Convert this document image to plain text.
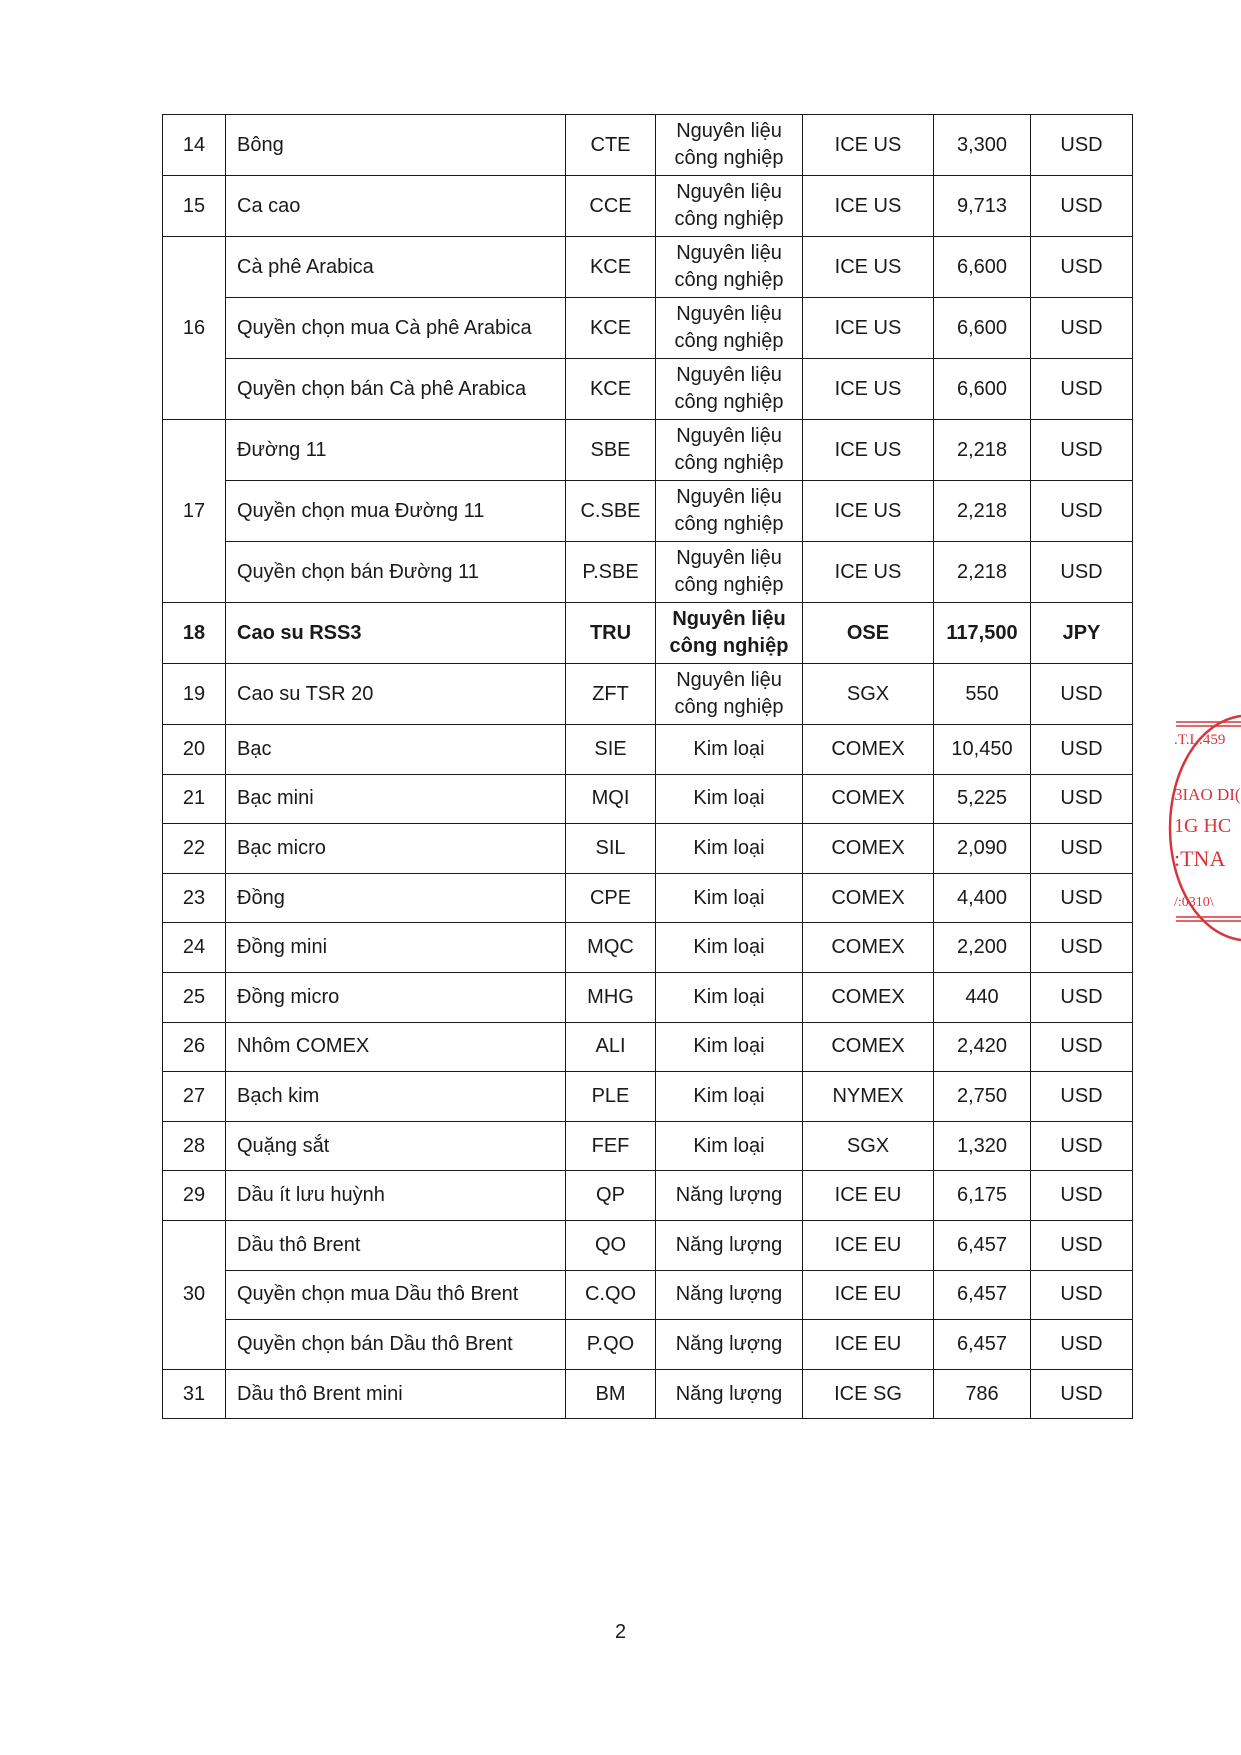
14	Bông	CTE	Nguyên liệu
công nghiệp	ICE US	3,300	USD
15	Ca cao	CCE	Nguyên liệu
công nghiệp	ICE US	9,713	USD
16	Cà phê Arabica	KCE	Nguyên liệu
công nghiệp	ICE US	6,600	USD
	Quyền chọn mua Cà phê Arabica	KCE	Nguyên liệu
công nghiệp	ICE US	6,600	USD
	Quyền chọn bán Cà phê Arabica	KCE	Nguyên liệu
công nghiệp	ICE US	6,600	USD
17	Đường 11	SBE	Nguyên liệu
công nghiệp	ICE US	2,218	USD
	Quyền chọn mua Đường 11	C.SBE	Nguyên liệu
công nghiệp	ICE US	2,218	USD
	Quyền chọn bán Đường 11	P.SBE	Nguyên liệu
công nghiệp	ICE US	2,218	USD
18	Cao su RSS3	TRU	Nguyên liệu
công nghiệp	OSE	117,500	JPY
19	Cao su TSR 20	ZFT	Nguyên liệu
công nghiệp	SGX	550	USD
20	Bạc	SIE	Kim loại	COMEX	10,450	USD
21	Bạc mini	MQI	Kim loại	COMEX	5,225	USD
22	Bạc micro	SIL	Kim loại	COMEX	2,090	USD
23	Đồng	CPE	Kim loại	COMEX	4,400	USD
24	Đồng mini	MQC	Kim loại	COMEX	2,200	USD
25	Đồng micro	MHG	Kim loại	COMEX	440	USD
26	Nhôm COMEX	ALI	Kim loại	COMEX	2,420	USD
27	Bạch kim	PLE	Kim loại	NYMEX	2,750	USD
28	Quặng sắt	FEF	Kim loại	SGX	1,320	USD
29	Dầu ít lưu huỳnh	QP	Năng lượng	ICE EU	6,175	USD
30	Dầu thô Brent	QO	Năng lượng	ICE EU	6,457	USD
	Quyền chọn mua Dầu thô Brent	C.QO	Năng lượng	ICE EU	6,457	USD
	Quyền chọn bán Dầu thô Brent	P.QO	Năng lượng	ICE EU	6,457	USD
31	Dầu thô Brent mini	BM	Năng lượng	ICE SG	786	USD
2
.T.L:459
3IAO DI(
1G HC
:TNA
/:0310\
